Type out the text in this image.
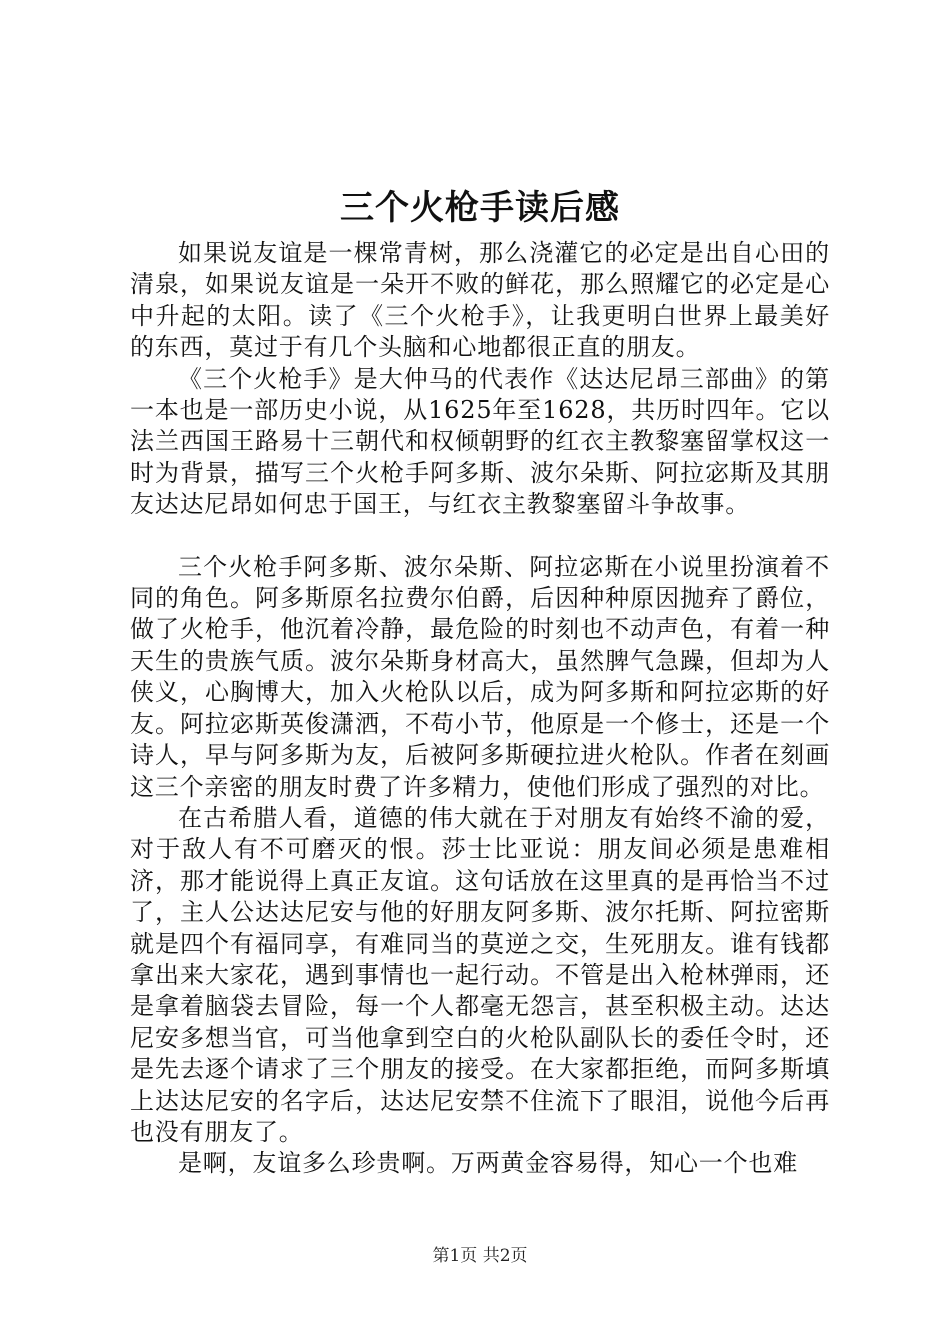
三个火枪手读后感

如果说友谊是一棵常青树，那么浇灌它的必定是出自心田的清泉，如果说友谊是一朵开不败的鲜花，那么照耀它的必定是心中升起的太阳。读了《三个火枪手》，让我更明白世界上最美好的东西，莫过于有几个头脑和心地都很正直的朋友。

《三个火枪手》是大仲马的代表作《达达尼昂三部曲》的第一本也是一部历史小说，从1625年至1628，共历时四年。它以法兰西国王路易十三朝代和权倾朝野的红衣主教黎塞留掌权这一时为背景，描写三个火枪手阿多斯、波尔朵斯、阿拉宓斯及其朋友达达尼昂如何忠于国王，与红衣主教黎塞留斗争故事。

三个火枪手阿多斯、波尔朵斯、阿拉宓斯在小说里扮演着不同的角色。阿多斯原名拉费尔伯爵，后因种种原因抛弃了爵位，做了火枪手，他沉着冷静，最危险的时刻也不动声色，有着一种天生的贵族气质。波尔朵斯身材高大，虽然脾气急躁，但却为人侠义，心胸博大，加入火枪队以后，成为阿多斯和阿拉宓斯的好友。阿拉宓斯英俊潇洒，不苟小节，他原是一个修士，还是一个诗人，早与阿多斯为友，后被阿多斯硬拉进火枪队。作者在刻画这三个亲密的朋友时费了许多精力，使他们形成了强烈的对比。

在古希腊人看，道德的伟大就在于对朋友有始终不渝的爱，对于敌人有不可磨灭的恨。莎士比亚说：朋友间必须是患难相济，那才能说得上真正友谊。这句话放在这里真的是再恰当不过了，主人公达达尼安与他的好朋友阿多斯、波尔托斯、阿拉密斯就是四个有福同享，有难同当的莫逆之交，生死朋友。谁有钱都拿出来大家花，遇到事情也一起行动。不管是出入枪林弹雨，还是拿着脑袋去冒险，每一个人都毫无怨言，甚至积极主动。达达尼安多想当官，可当他拿到空白的火枪队副队长的委任令时，还是先去逐个请求了三个朋友的接受。在大家都拒绝，而阿多斯填上达达尼安的名字后，达达尼安禁不住流下了眼泪，说他今后再也没有朋友了。

是啊，友谊多么珍贵啊。万两黄金容易得，知心一个也难

第1页 共2页
